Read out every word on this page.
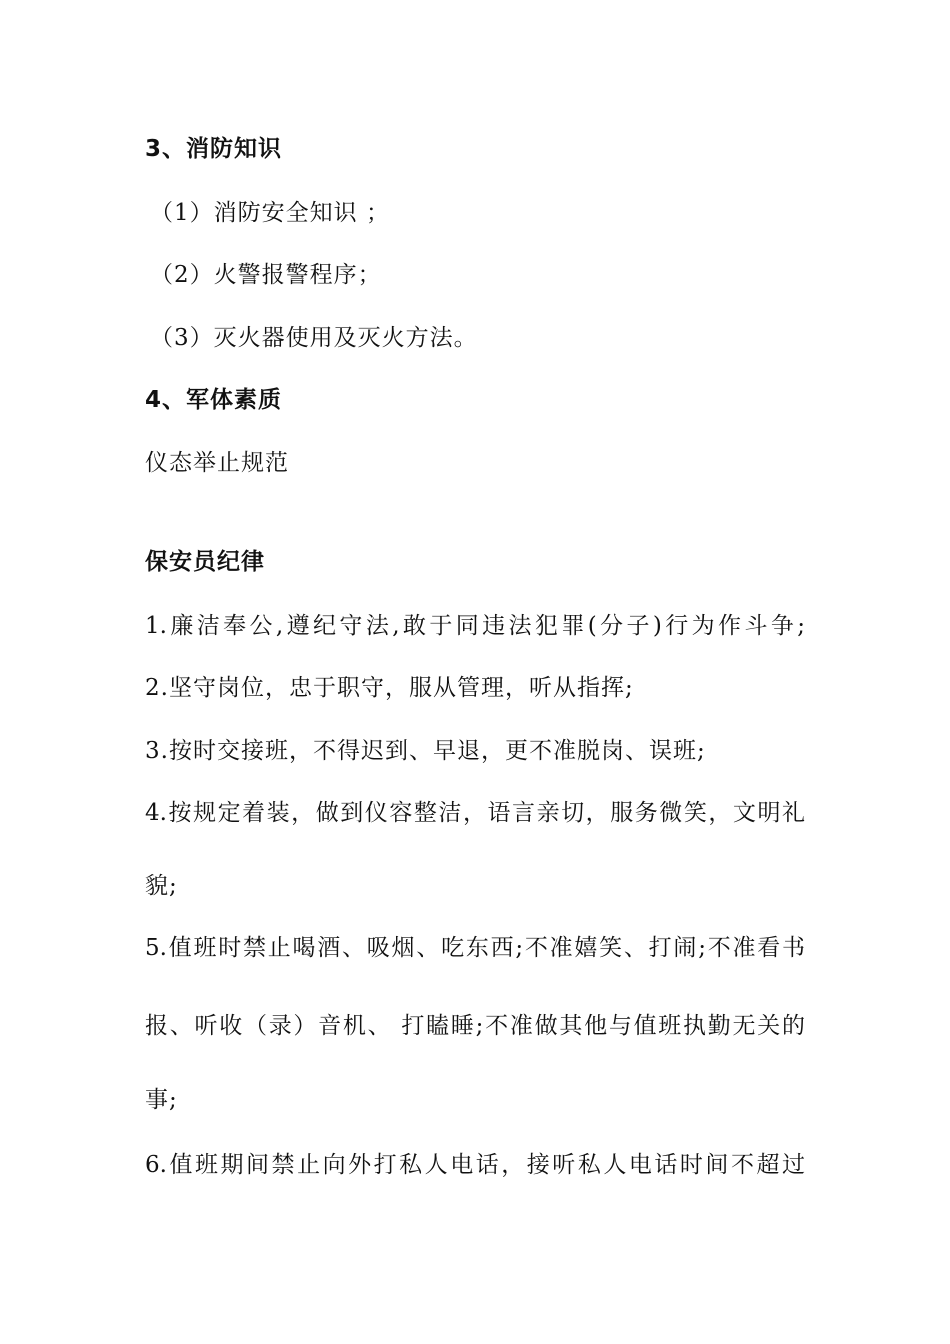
3、消防知识
（1）消防安全知识 ；
（2）火警报警程序；
（3）灭火器使用及灭火方法。
4、军体素质
仪态举止规范
保安员纪律
1.廉洁奉公,遵纪守法,敢于同违法犯罪(分子)行为作斗争;
2.坚守岗位，忠于职守，服从管理，听从指挥;
3.按时交接班，不得迟到、早退，更不准脱岗、误班;
4.按规定着装，做到仪容整洁，语言亲切，服务微笑，文明礼
貌;
5.值班时禁止喝酒、吸烟、吃东西;不准嬉笑、打闹;不准看书
报、听收（录）音机、 打瞌睡;不准做其他与值班执勤无关的
事;
6.值班期间禁止向外打私人电话，接听私人电话时间不超过
